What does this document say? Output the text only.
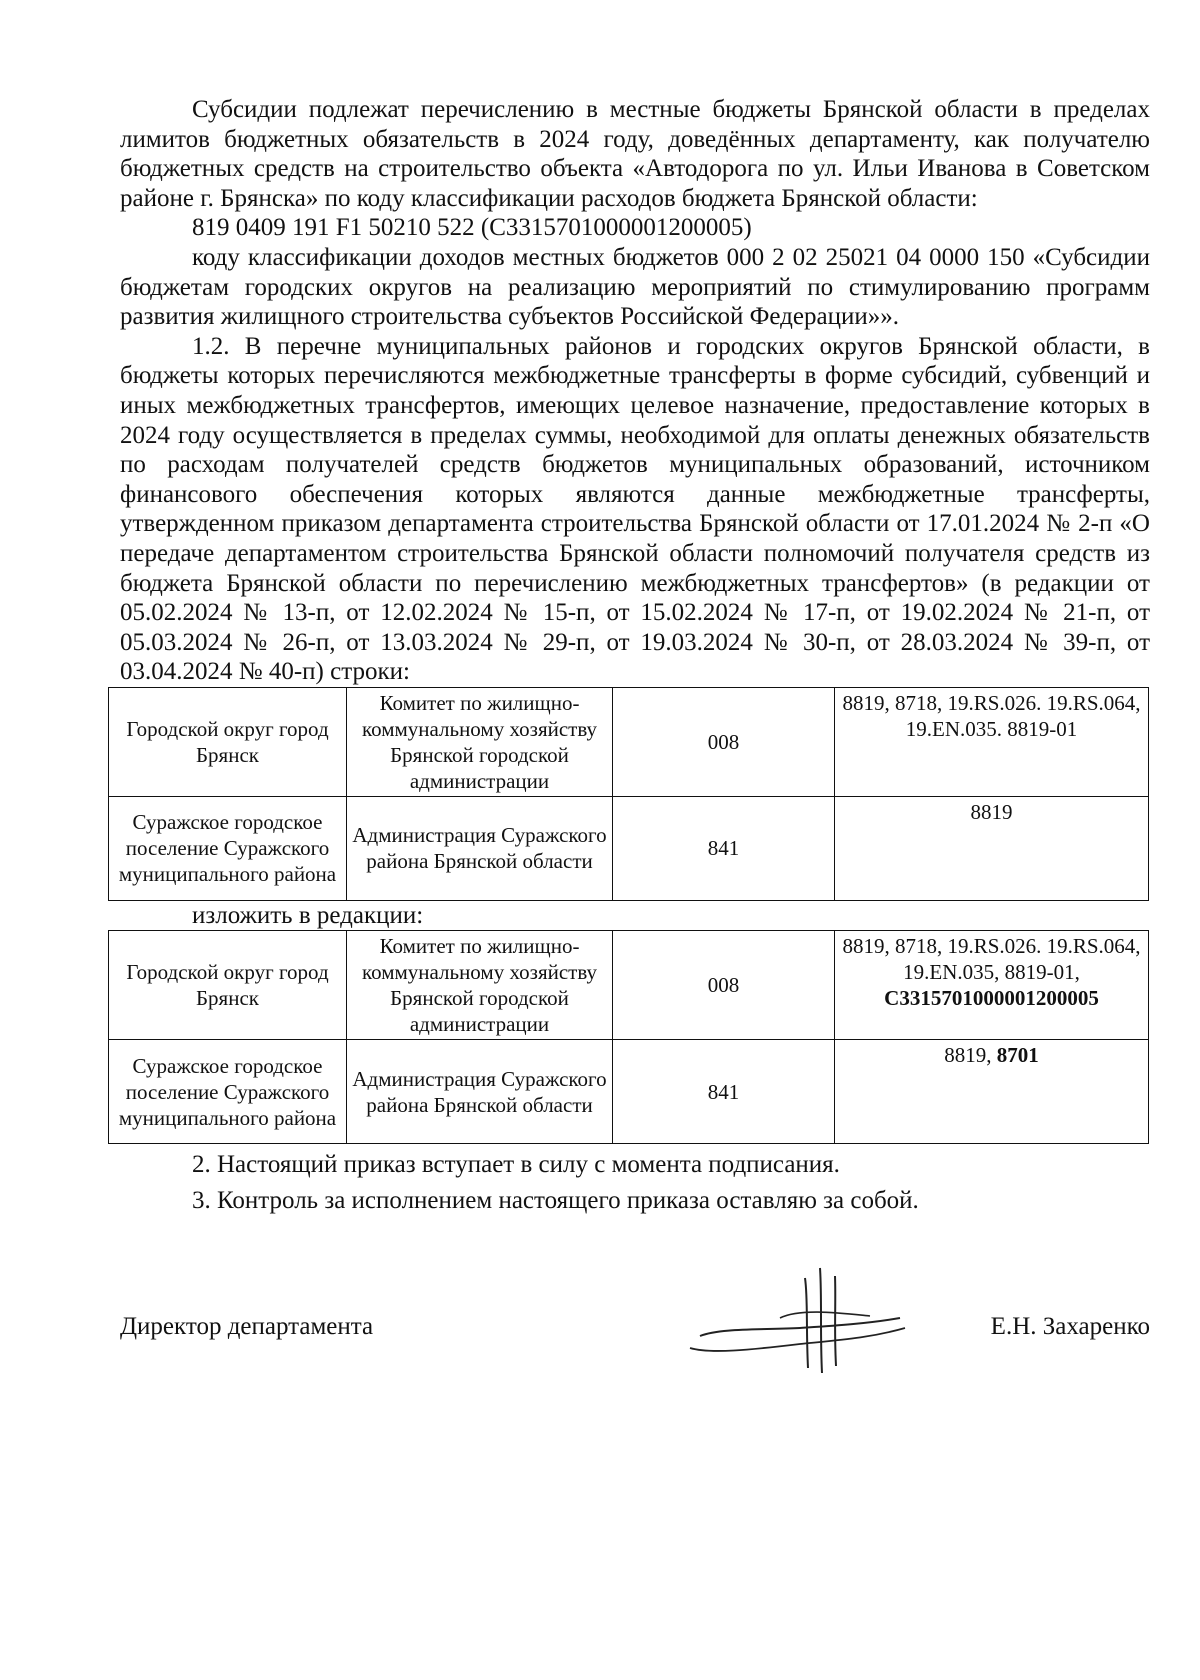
Субсидии подлежат перечислению в местные бюджеты Брянской области в пределах лимитов бюджетных обязательств в 2024 году, доведённых департаменту, как получателю бюджетных средств на строительство объекта «Автодорога по ул. Ильи Иванова в Советском районе г. Брянска» по коду классификации расходов бюджета Брянской области:

819 0409 191 F1 50210 522 (С3315701000001200005)

коду классификации доходов местных бюджетов 000 2 02 25021 04 0000 150 «Субсидии бюджетам городских округов на реализацию мероприятий по стимулированию программ развития жилищного строительства субъектов Российской Федерации»».

1.2. В перечне муниципальных районов и городских округов Брянской области, в бюджеты которых перечисляются межбюджетные трансферты в форме субсидий, субвенций и иных межбюджетных трансфертов, имеющих целевое назначение, предоставление которых в 2024 году осуществляется в пределах суммы, необходимой для оплаты денежных обязательств по расходам получателей средств бюджетов муниципальных образований, источником финансового обеспечения которых являются данные межбюджетные трансферты, утвержденном приказом департамента строительства Брянской области от 17.01.2024 № 2-п «О передаче департаментом строительства Брянской области полномочий получателя средств из бюджета Брянской области по перечислению межбюджетных трансфертов» (в редакции от 05.02.2024 № 13-п, от 12.02.2024 № 15-п, от 15.02.2024 № 17-п, от 19.02.2024 № 21-п, от 05.03.2024 № 26-п, от 13.03.2024 № 29-п, от 19.03.2024 № 30-п, от 28.03.2024 № 39-п, от 03.04.2024 № 40-п) строки:

Городской округ город Брянск	Комитет по жилищно-коммунальному хозяйству Брянской городской администрации	008	8819, 8718, 19.RS.026. 19.RS.064, 19.EN.035. 8819-01
Суражское городское поселение Суражского муниципального района	Администрация Суражского района Брянской области	841	8819

изложить в редакции:

Городской округ город Брянск	Комитет по жилищно-коммунальному хозяйству Брянской городской администрации	008	8819, 8718, 19.RS.026. 19.RS.064, 19.EN.035, 8819-01, С3315701000001200005
Суражское городское поселение Суражского муниципального района	Администрация Суражского района Брянской области	841	8819, 8701

2. Настоящий приказ вступает в силу с момента подписания.

3. Контроль за исполнением настоящего приказа оставляю за собой.

Директор департамента	Е.Н. Захаренко
